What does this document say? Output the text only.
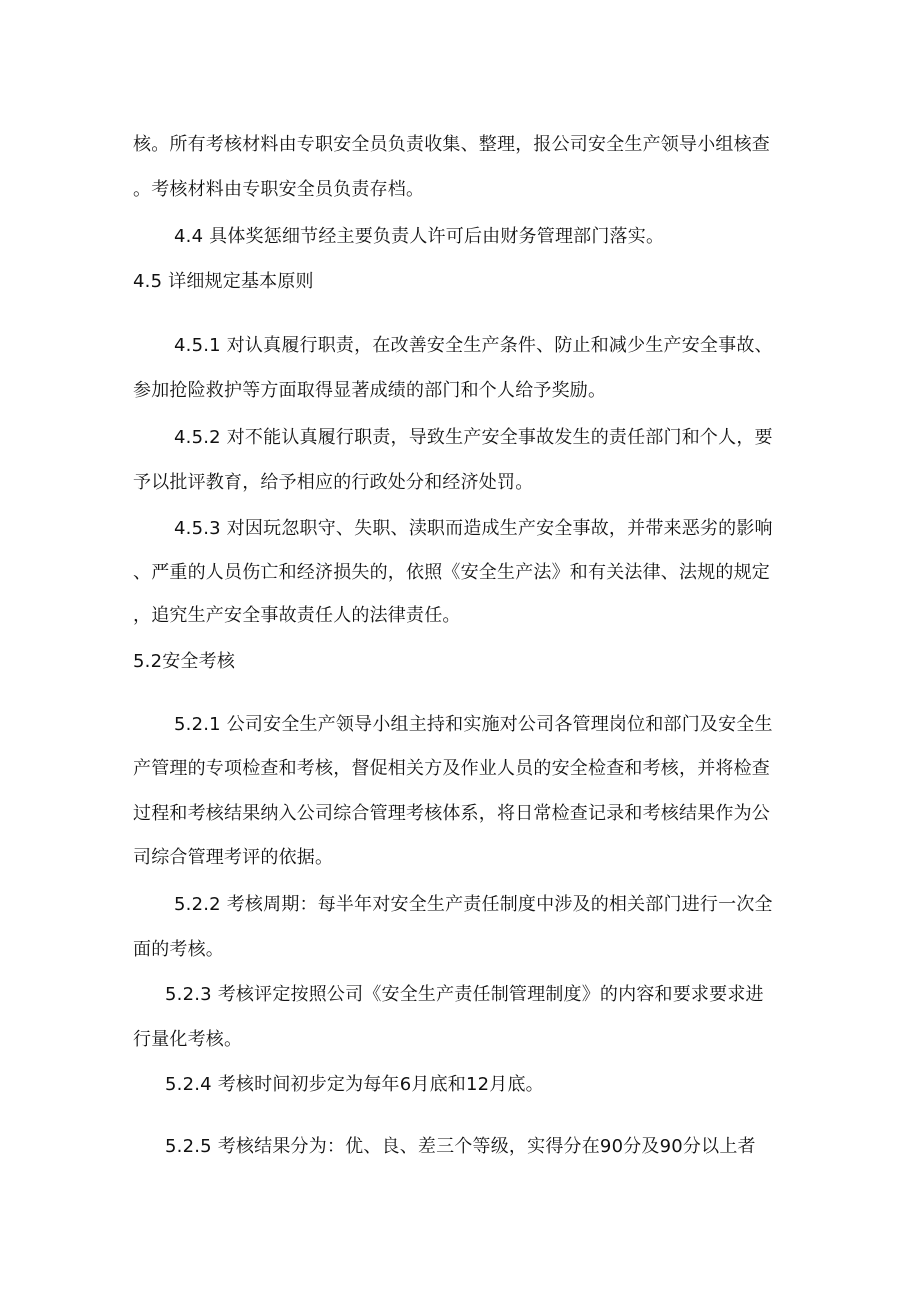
核。所有考核材料由专职安全员负责收集、整理，报公司安全生产领导小组核查
。考核材料由专职安全员负责存档。
4.4 具体奖惩细节经主要负责人许可后由财务管理部门落实。
4.5 详细规定基本原则
4.5.1 对认真履行职责，在改善安全生产条件、防止和减少生产安全事故、
参加抢险救护等方面取得显著成绩的部门和个人给予奖励。
4.5.2 对不能认真履行职责，导致生产安全事故发生的责任部门和个人，要
予以批评教育，给予相应的行政处分和经济处罚。
4.5.3 对因玩忽职守、失职、渎职而造成生产安全事故，并带来恶劣的影响
、严重的人员伤亡和经济损失的，依照《安全生产法》和有关法律、法规的规定
，追究生产安全事故责任人的法律责任。
5.2安全考核
5.2.1 公司安全生产领导小组主持和实施对公司各管理岗位和部门及安全生
产管理的专项检查和考核，督促相关方及作业人员的安全检查和考核，并将检查
过程和考核结果纳入公司综合管理考核体系，将日常检查记录和考核结果作为公
司综合管理考评的依据。
5.2.2 考核周期：每半年对安全生产责任制度中涉及的相关部门进行一次全
面的考核。
5.2.3 考核评定按照公司《安全生产责任制管理制度》的内容和要求要求进
行量化考核。
5.2.4 考核时间初步定为每年6月底和12月底。
5.2.5 考核结果分为：优、良、差三个等级，实得分在90分及90分以上者
